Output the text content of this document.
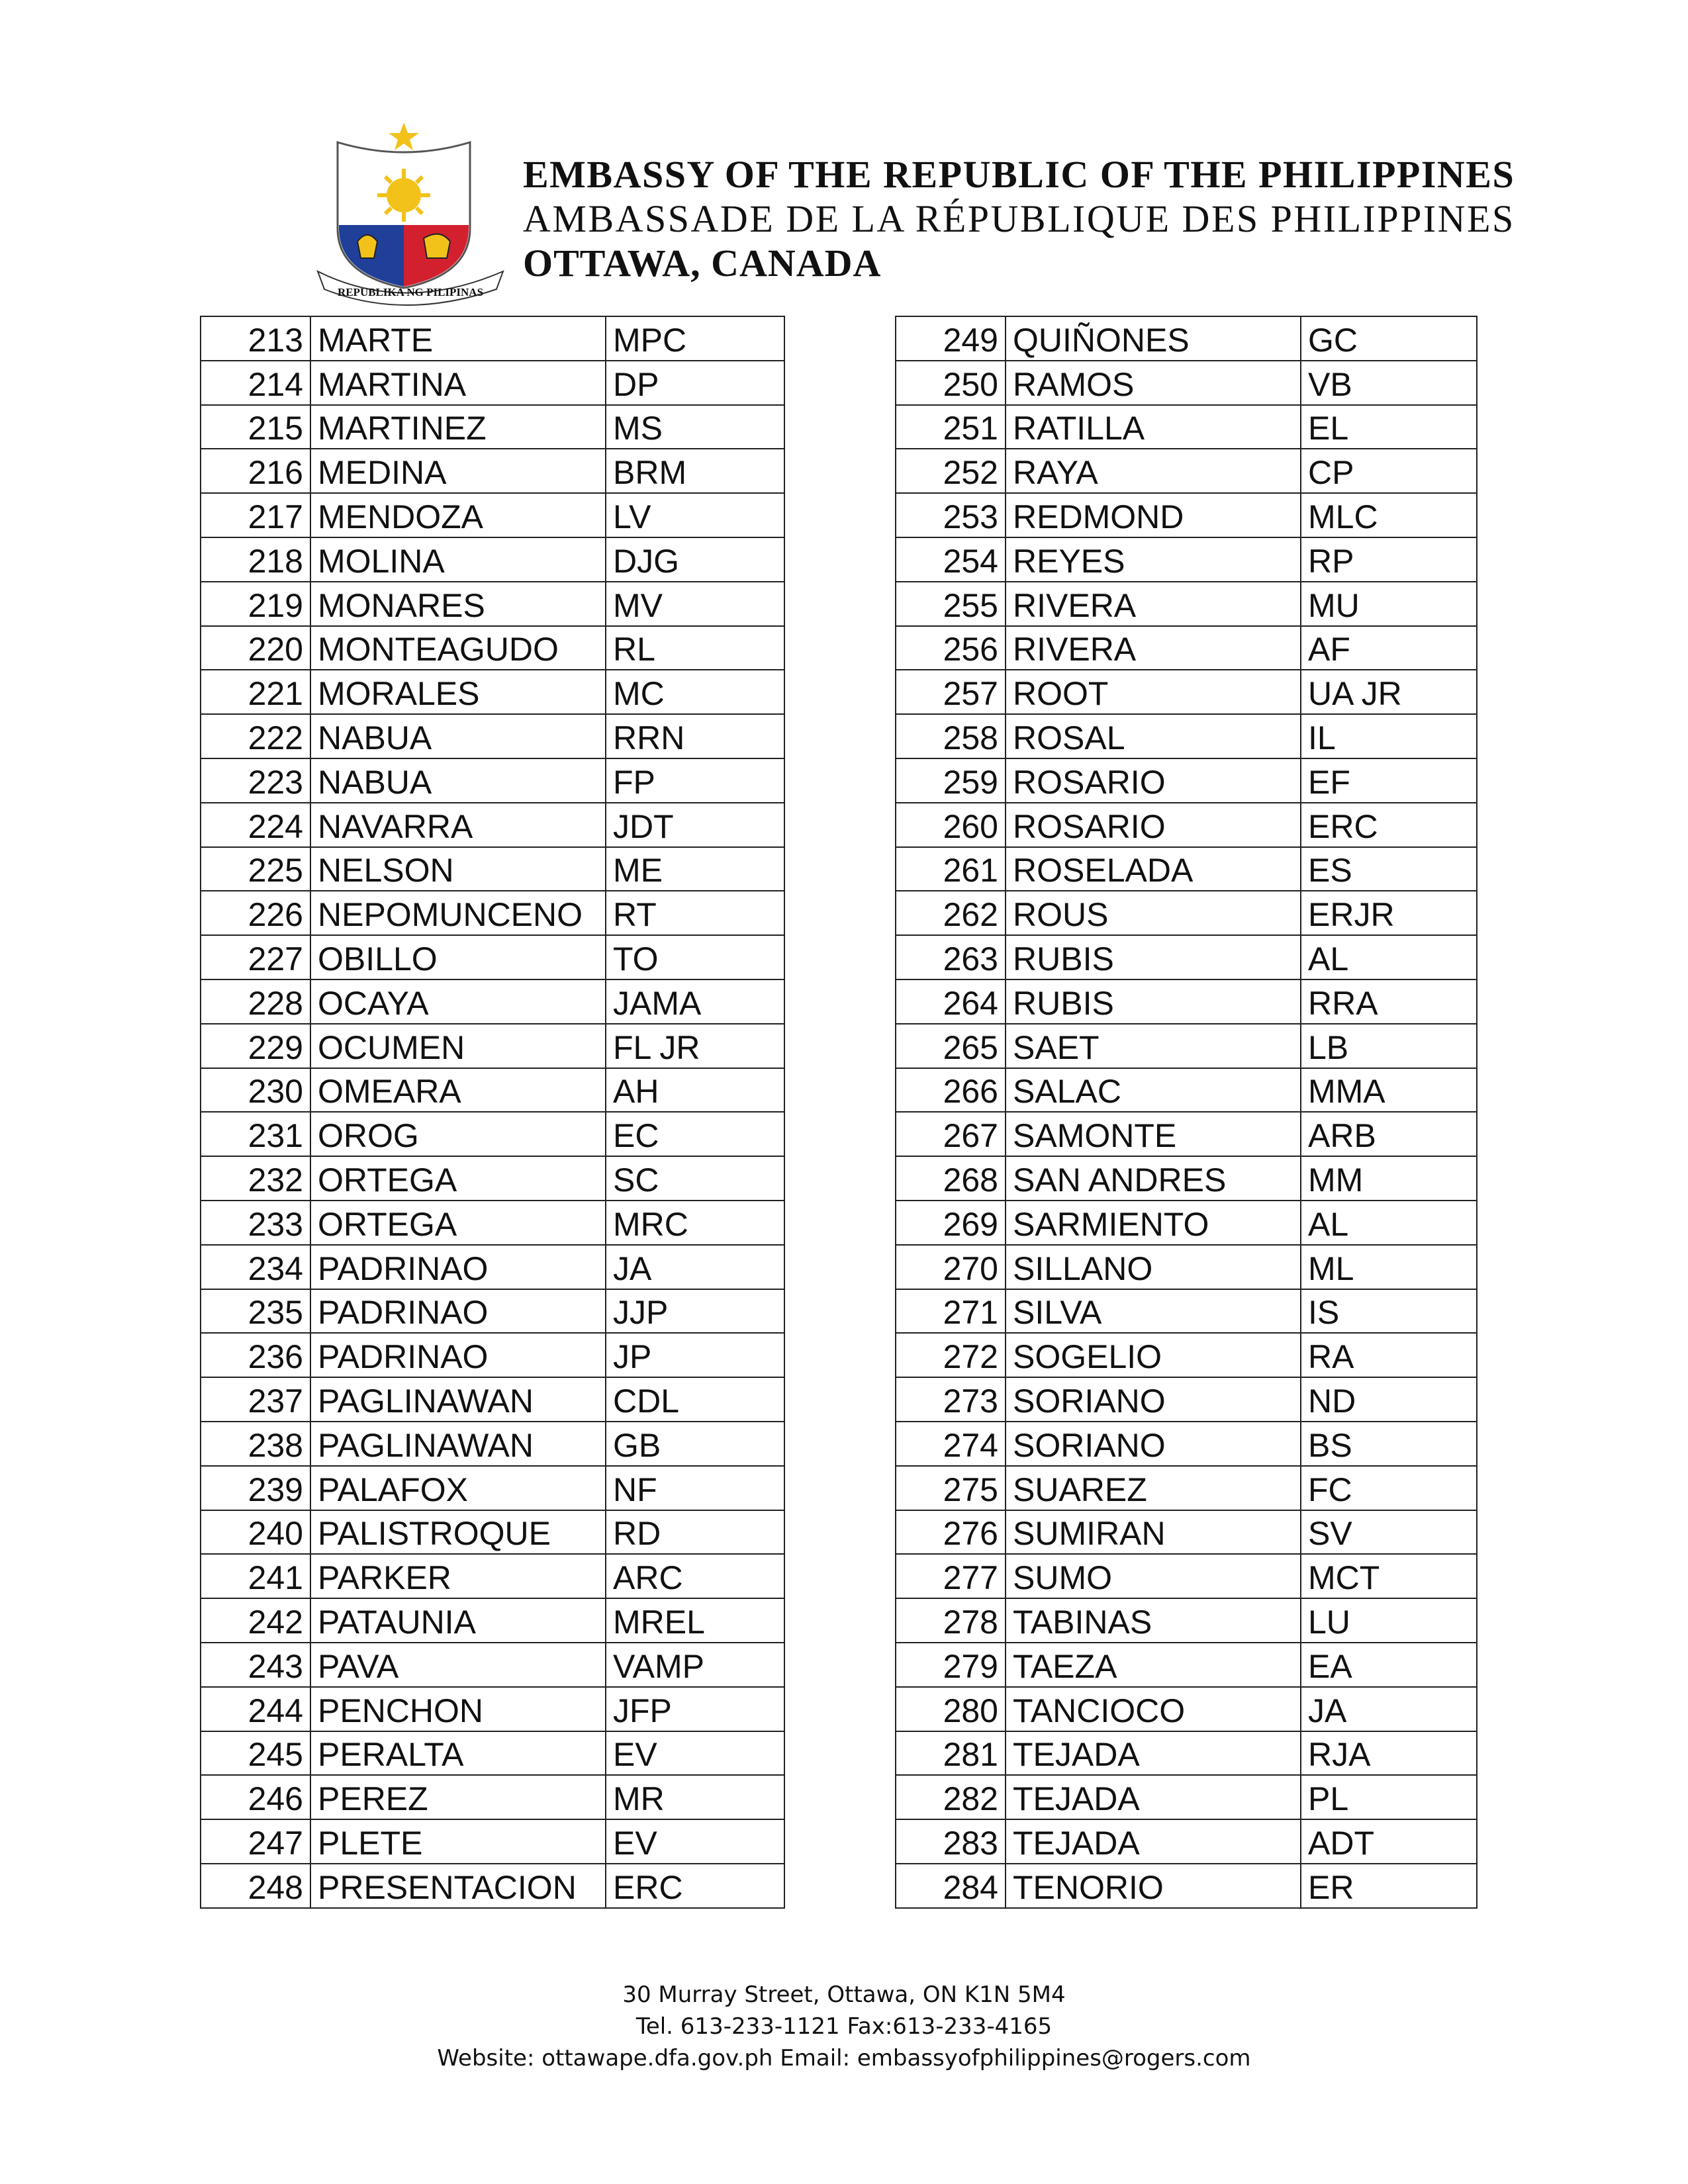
REPUBLIKA NG PILIPINAS
EMBASSY OF THE REPUBLIC OF THE PHILIPPINES
AMBASSADE DE LA RÉPUBLIQUE DES PHILIPPINES
OTTAWA, CANADA
213	MARTE	MPC
214	MARTINA	DP
215	MARTINEZ	MS
216	MEDINA	BRM
217	MENDOZA	LV
218	MOLINA	DJG
219	MONARES	MV
220	MONTEAGUDO	RL
221	MORALES	MC
222	NABUA	RRN
223	NABUA	FP
224	NAVARRA	JDT
225	NELSON	ME
226	NEPOMUNCENO	RT
227	OBILLO	TO
228	OCAYA	JAMA
229	OCUMEN	FL JR
230	OMEARA	AH
231	OROG	EC
232	ORTEGA	SC
233	ORTEGA	MRC
234	PADRINAO	JA
235	PADRINAO	JJP
236	PADRINAO	JP
237	PAGLINAWAN	CDL
238	PAGLINAWAN	GB
239	PALAFOX	NF
240	PALISTROQUE	RD
241	PARKER	ARC
242	PATAUNIA	MREL
243	PAVA	VAMP
244	PENCHON	JFP
245	PERALTA	EV
246	PEREZ	MR
247	PLETE	EV
248	PRESENTACION	ERC
249	QUIÑONES	GC
250	RAMOS	VB
251	RATILLA	EL
252	RAYA	CP
253	REDMOND	MLC
254	REYES	RP
255	RIVERA	MU
256	RIVERA	AF
257	ROOT	UA JR
258	ROSAL	IL
259	ROSARIO	EF
260	ROSARIO	ERC
261	ROSELADA	ES
262	ROUS	ERJR
263	RUBIS	AL
264	RUBIS	RRA
265	SAET	LB
266	SALAC	MMA
267	SAMONTE	ARB
268	SAN ANDRES	MM
269	SARMIENTO	AL
270	SILLANO	ML
271	SILVA	IS
272	SOGELIO	RA
273	SORIANO	ND
274	SORIANO	BS
275	SUAREZ	FC
276	SUMIRAN	SV
277	SUMO	MCT
278	TABINAS	LU
279	TAEZA	EA
280	TANCIOCO	JA
281	TEJADA	RJA
282	TEJADA	PL
283	TEJADA	ADT
284	TENORIO	ER
30 Murray Street, Ottawa, ON K1N 5M4
Tel. 613-233-1121 Fax:613-233-4165
Website: ottawape.dfa.gov.ph Email: embassyofphilippines@rogers.com
